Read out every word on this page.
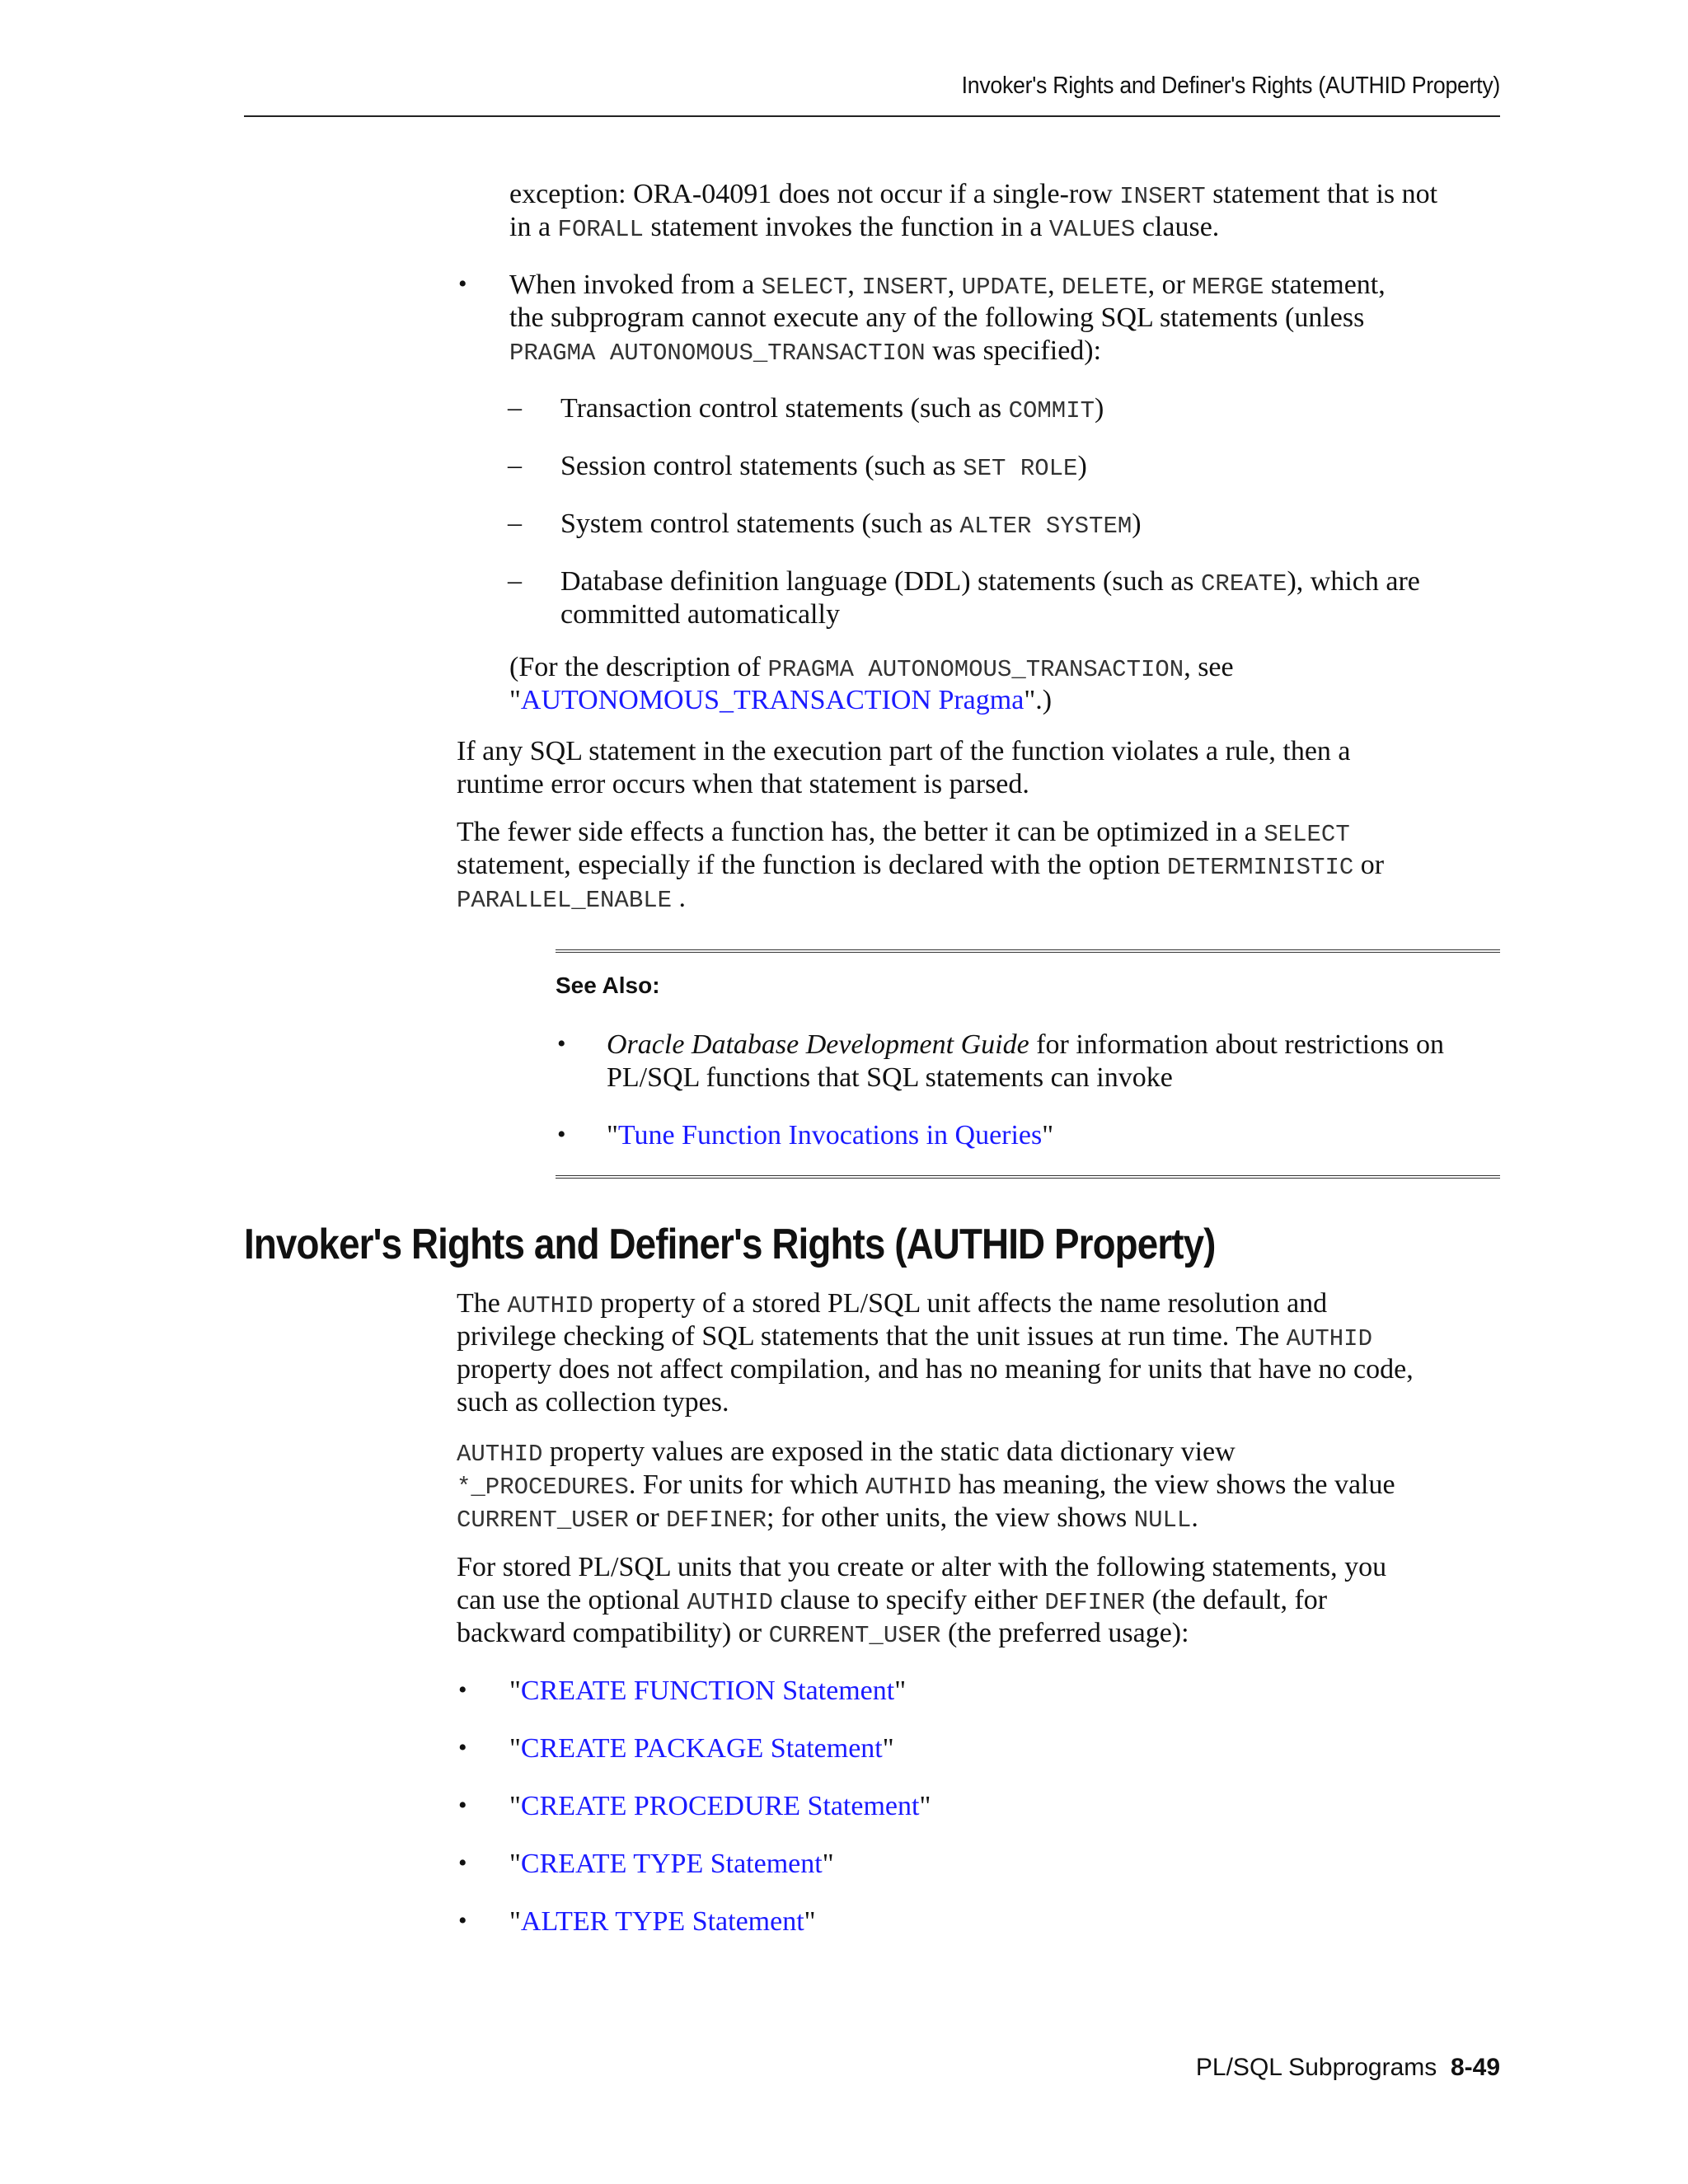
Invoker's Rights and Definer's Rights (AUTHID Property)
exception: ORA-04091 does not occur if a single-row INSERT statement that is not
in a FORALL statement invokes the function in a VALUES clause.
• When invoked from a SELECT, INSERT, UPDATE, DELETE, or MERGE statement,
the subprogram cannot execute any of the following SQL statements (unless
PRAGMA AUTONOMOUS_TRANSACTION was specified):
– Transaction control statements (such as COMMIT)
– Session control statements (such as SET ROLE)
– System control statements (such as ALTER SYSTEM)
– Database definition language (DDL) statements (such as CREATE), which are
committed automatically
(For the description of PRAGMA AUTONOMOUS_TRANSACTION, see
"AUTONOMOUS_TRANSACTION Pragma".)
If any SQL statement in the execution part of the function violates a rule, then a
runtime error occurs when that statement is parsed.
The fewer side effects a function has, the better it can be optimized in a SELECT
statement, especially if the function is declared with the option DETERMINISTIC or
PARALLEL_ENABLE .
See Also:
• Oracle Database Development Guide for information about restrictions on
PL/SQL functions that SQL statements can invoke
• "Tune Function Invocations in Queries"
Invoker's Rights and Definer's Rights (AUTHID Property)
The AUTHID property of a stored PL/SQL unit affects the name resolution and
privilege checking of SQL statements that the unit issues at run time. The AUTHID
property does not affect compilation, and has no meaning for units that have no code,
such as collection types.
AUTHID property values are exposed in the static data dictionary view
*_PROCEDURES. For units for which AUTHID has meaning, the view shows the value
CURRENT_USER or DEFINER; for other units, the view shows NULL.
For stored PL/SQL units that you create or alter with the following statements, you
can use the optional AUTHID clause to specify either DEFINER (the default, for
backward compatibility) or CURRENT_USER (the preferred usage):
• "CREATE FUNCTION Statement"
• "CREATE PACKAGE Statement"
• "CREATE PROCEDURE Statement"
• "CREATE TYPE Statement"
• "ALTER TYPE Statement"
PL/SQL Subprograms 8-49
